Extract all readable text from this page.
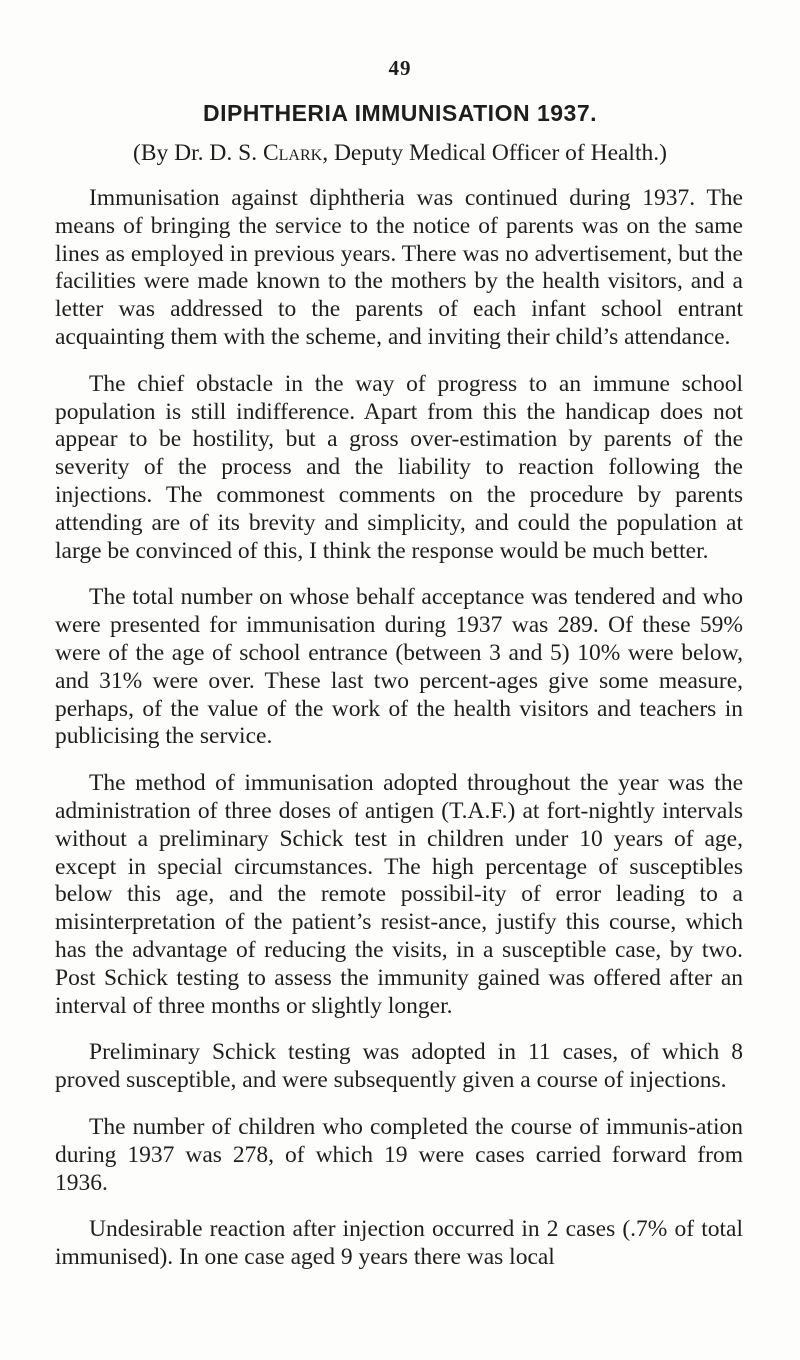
49
DIPHTHERIA IMMUNISATION 1937.
(By Dr. D. S. Clark, Deputy Medical Officer of Health.)

Immunisation against diphtheria was continued during 1937. The means of bringing the service to the notice of parents was on the same lines as employed in previous years. There was no advertisement, but the facilities were made known to the mothers by the health visitors, and a letter was addressed to the parents of each infant school entrant acquainting them with the scheme, and inviting their child’s attendance.

The chief obstacle in the way of progress to an immune school population is still indifference. Apart from this the handicap does not appear to be hostility, but a gross over-estimation by parents of the severity of the process and the liability to reaction following the injections. The commonest comments on the procedure by parents attending are of its brevity and simplicity, and could the population at large be convinced of this, I think the response would be much better.

The total number on whose behalf acceptance was tendered and who were presented for immunisation during 1937 was 289. Of these 59% were of the age of school entrance (between 3 and 5) 10% were below, and 31% were over. These last two percent-ages give some measure, perhaps, of the value of the work of the health visitors and teachers in publicising the service.

The method of immunisation adopted throughout the year was the administration of three doses of antigen (T.A.F.) at fort-nightly intervals without a preliminary Schick test in children under 10 years of age, except in special circumstances. The high percentage of susceptibles below this age, and the remote possibil-ity of error leading to a misinterpretation of the patient’s resist-ance, justify this course, which has the advantage of reducing the visits, in a susceptible case, by two. Post Schick testing to assess the immunity gained was offered after an interval of three months or slightly longer.

Preliminary Schick testing was adopted in 11 cases, of which 8 proved susceptible, and were subsequently given a course of injections.

The number of children who completed the course of immunis-ation during 1937 was 278, of which 19 were cases carried forward from 1936.

Undesirable reaction after injection occurred in 2 cases (.7% of total immunised). In one case aged 9 years there was local
